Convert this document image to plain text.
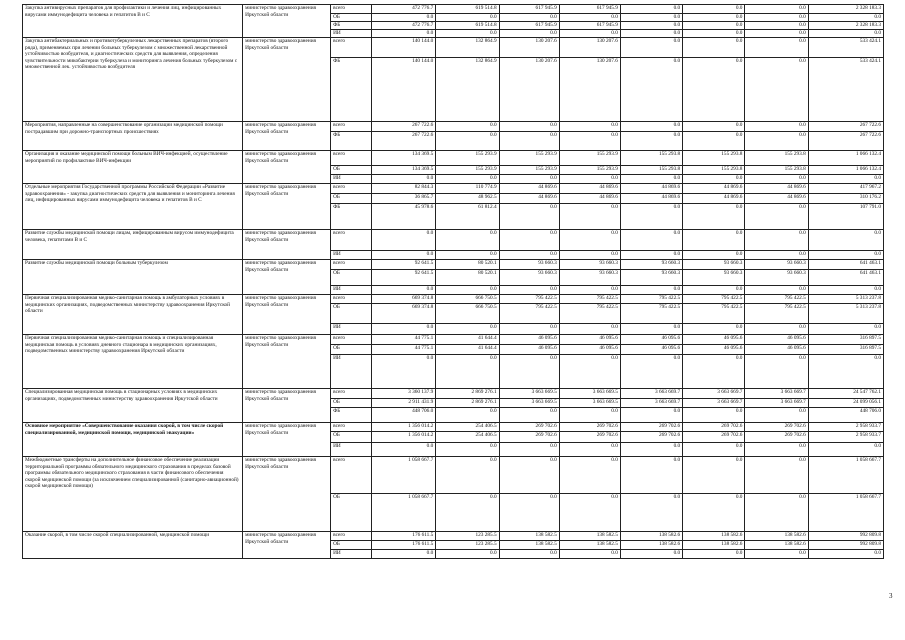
Закупка антивирусных препаратов для профилактики и лечения лиц, инфицированных вирусами иммунодефицита человека и гепатитов В и С	министерство здравоохранения Иркутской области	всего	472 776.7	619 514.8	617 945.9	617 945.9	0.0	0.0	0.0	2 328 183.3
		ОБ	0.0	0.0	0.0	0.0	0.0	0.0	0.0	0.0
		ФБ	472 776.7	619 514.8	617 945.9	617 945.9	0.0	0.0	0.0	2 328 183.3
		ИИ	0.0	0.0	0.0	0.0	0.0	0.0	0.0	0.0
Закупка антибактериальных и противотуберкулезных лекарственных препаратов (второго ряда), применяемых при лечении больных туберкулезом с множественной лекарственной устойчивостью возбудителя, и диагностических средств для выявления, определения чувствительности микобактерии туберкулеза и мониторинга лечения больных туберкулезом с множественной лек. устойчивостью возбудителя	министерство здравоохранения Иркутской области	всего	140 144.0	132 864.9	130 207.6	130 207.6	0.0	0.0	0.0	533 424.1
		ФБ	140 144.0	132 864.9	130 207.6	130 207.6	0.0	0.0	0.0	533 424.1
Мероприятия, направленные на совершенствование организации медицинской помощи пострадавшим при дорожно-транспортных происшествиях	министерство здравоохранения Иркутской области	всего	267 722.6	0.0	0.0	0.0	0.0	0.0	0.0	267 722.6
		ФБ	267 722.6	0.0	0.0	0.0	0.0	0.0	0.0	267 722.6
Организация и оказание медицинской помощи больным ВИЧ-инфекцией, осуществление мероприятий по профилактике ВИЧ-инфекции	министерство здравоохранения Иркутской области	всего	134 369.5	155 293.9	155 293.9	155 293.9	155 293.8	155 293.8	155 293.8	1 066 132.4
		ОБ	134 369.5	155 293.9	155 293.9	155 293.9	155 293.8	155 293.8	155 293.8	1 066 132.4
		ИИ	0.0	0.0	0.0	0.0	0.0	0.0	0.0	0.0
Отдельные мероприятия Государственной программы Российской Федерации «Развитие здравоохранения» - закупка диагностических средств для выявления и мониторинга лечения лиц, инфицированных вирусами иммунодефицита человека и гепатитов В и С	министерство здравоохранения Иркутской области	всего	82 844.3	110 774.9	44 869.6	44 869.6	44 869.6	44 869.6	44 869.6	417 967.2
		ОБ	36 865.7	48 962.5	44 869.6	44 869.6	44 869.6	44 869.6	44 869.6	310 176.2
		ФБ	45 978.6	61 812.4	0.0	0.0	0.0	0.0	0.0	107 791.0
Развитие службы медицинской помощи лицам, инфицированным вирусом иммунодефицита человека, гепатитами В и С	министерство здравоохранения Иркутской области	всего	0.0	0.0	0.0	0.0	0.0	0.0	0.0	0.0
		ИИ	0.0	0.0	0.0	0.0	0.0	0.0	0.0	0.0
Развитие службы медицинской помощи больным туберкулезом	министерство здравоохранения Иркутской области	всего	92 641.5	80 520.1	93 660.3	93 660.3	93 660.3	93 660.3	93 660.3	641 463.1
		ОБ	92 641.5	80 520.1	93 660.3	93 660.3	93 660.3	93 660.3	93 660.3	641 463.1
		ИИ	0.0	0.0	0.0	0.0	0.0	0.0	0.0	0.0
Первичная специализированная медико-санитарная помощь в амбулаторных условиях в медицинских организациях, подведомственных министерству здравоохранения Иркутской области	министерство здравоохранения Иркутской области	всего	669 374.8	666 750.5	795 422.5	795 422.5	795 422.5	795 422.5	795 422.5	5 313 237.8
		ОБ	669 374.8	666 750.5	795 422.5	795 422.5	795 422.5	795 422.5	795 422.5	5 313 237.8
		ИИ	0.0	0.0	0.0	0.0	0.0	0.0	0.0	0.0
Первичная специализированная медико-санитарная помощь и специализированная медицинская помощь в условиях дневного стационара в медицинских организациях, подведомственных министерству здравоохранения Иркутской области	министерство здравоохранения Иркутской области	всего	44 775.1	41 644.4	46 095.6	46 095.6	46 095.6	46 095.6	46 095.6	316 897.5
		ОБ	44 775.1	41 644.4	46 095.6	46 095.6	46 095.6	46 095.6	46 095.6	316 897.5
		ИИ	0.0	0.0	0.0	0.0	0.0	0.0	0.0	0.0
Специализированная медицинская помощь в стационарных условиях в медицинских организациях, подведомственных министерству здравоохранения Иркутской области	министерство здравоохранения Иркутской области	всего	3 360 137.9	2 869 276.1	3 663 669.5	3 663 669.5	3 663 669.7	3 663 669.7	3 663 669.7	24 547 762.1
		ОБ	2 911 431.9	2 869 276.1	3 663 669.5	3 663 669.5	3 663 669.7	3 663 669.7	3 663 669.7	24 099 056.1
		ФБ	448 706.0	0.0	0.0	0.0	0.0	0.0	0.0	448 706.0
Основное мероприятие «Совершенствование оказания скорой, в том числе скорой специализированной, медицинской помощи, медицинской эвакуации»	министерство здравоохранения Иркутской области	всего	1 356 014.2	254 406.5	269 702.6	269 702.6	269 702.6	269 702.6	269 702.6	2 958 933.7
		ОБ	1 356 014.2	254 406.5	269 702.6	269 702.6	269 702.6	269 702.6	269 702.6	2 958 933.7
		ИИ	0.0	0.0	0.0	0.0	0.0	0.0	0.0	0.0
Межбюджетные трансферты на дополнительное финансовое обеспечение реализации территориальной программы обязательного медицинского страхования в пределах базовой программы обязательного медицинского страхования в части финансового обеспечения скорой медицинской помощи (за исключением специализированной (санитарно-авиационной) скорой медицинской помощи)	министерство здравоохранения Иркутской области	всего	1 058 667.7	0.0	0.0	0.0	0.0	0.0	0.0	1 058 667.7
		ОБ	1 058 667.7	0.0	0.0	0.0	0.0	0.0	0.0	1 058 667.7
Оказание скорой, в том числе скорой специализированной, медицинской помощи	министерство здравоохранения Иркутской области	всего	176 611.5	123 285.5	138 582.5	138 582.5	138 582.6	138 582.6	138 582.6	992 809.8
		ОБ	176 611.5	123 285.5	138 582.5	138 582.5	138 582.6	138 582.6	138 582.6	992 809.8
		ИИ	0.0	0.0	0.0	0.0	0.0	0.0	0.0	0.0
3
